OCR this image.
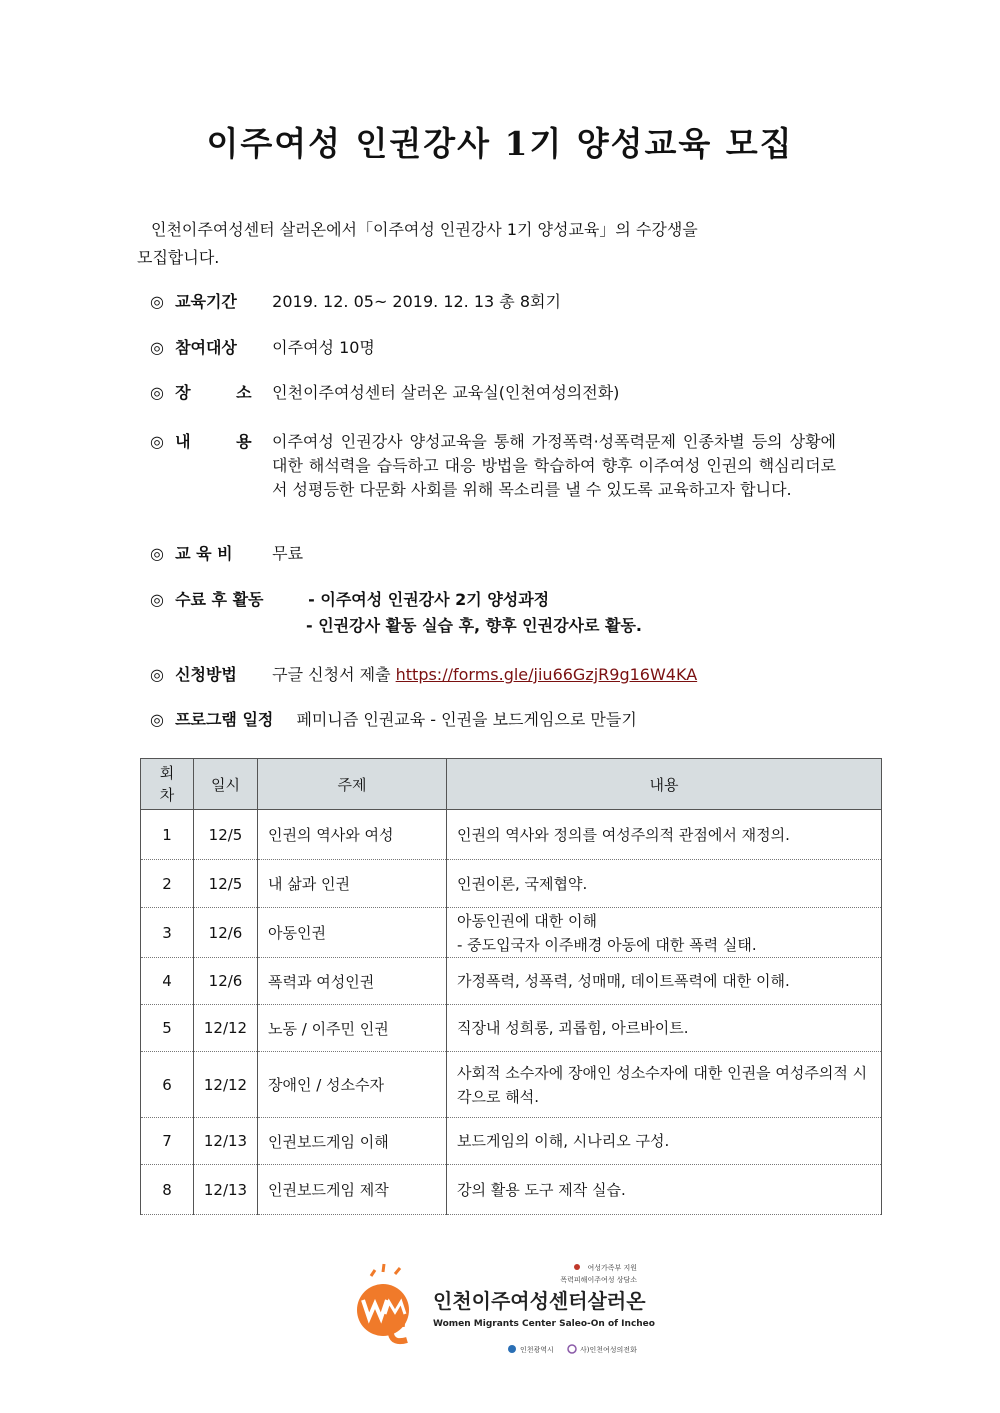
이주여성 인권강사 1기 양성교육 모집
인천이주여성센터 살러온에서「이주여성 인권강사 1기 양성교육」의 수강생을
모집합니다.
◎ 교육기간 2019. 12. 05~ 2019. 12. 13 총 8회기
◎ 참여대상 이주여성 10명
◎ 장 소 인천이주여성센터 살러온 교육실(인천여성의전화)
◎ 내 용	이주여성 인권강사 양성교육을 통해 가정폭력·성폭력문제 인종차별 등의 상황에 대한 해석력을 습득하고 대응 방법을 학습하여 향후 이주여성 인권의 핵심리더로서 성평등한 다문화 사회를 위해 목소리를 낼 수 있도록 교육하고자 합니다.
◎ 교 육 비 무료
◎ 수료 후 활동	- 이주여성 인권강사 2기 양성과정
- 인권강사 활동 실습 후, 향후 인권강사로 활동.
◎ 신청방법 구글 신청서 제출 https://forms.gle/jiu66GzjR9g16W4KA
◎ 프로그램 일정 페미니즘 인권교육 - 인권을 보드게임으로 만들기
회
차	일시	주제	내용
1	12/5	인권의 역사와 여성	인권의 역사와 정의를 여성주의적 관점에서 재정의.
2	12/5	내 삶과 인권	인권이론, 국제협약.
3	12/6	아동인권	아동인권에 대한 이해
- 중도입국자 이주배경 아동에 대한 폭력 실태.
4	12/6	폭력과 여성인권	가정폭력, 성폭력, 성매매, 데이트폭력에 대한 이해.
5	12/12	노동 / 이주민 인권	직장내 성희롱, 괴롭힘, 아르바이트.
6	12/12	장애인 / 성소수자	사회적 소수자에 장애인 성소수자에 대한 인권을 여성주의적 시각으로 해석.
7	12/13	인권보드게임 이해	보드게임의 이해, 시나리오 구성.
8	12/13	인권보드게임 제작	강의 활용 도구 제작 실습.
여성가족부 지원
폭력피해이주여성 상담소
인천이주여성센터살러온
Women Migrants Center Saleo-On of Incheon
인천광역시	사)인천여성의전화
